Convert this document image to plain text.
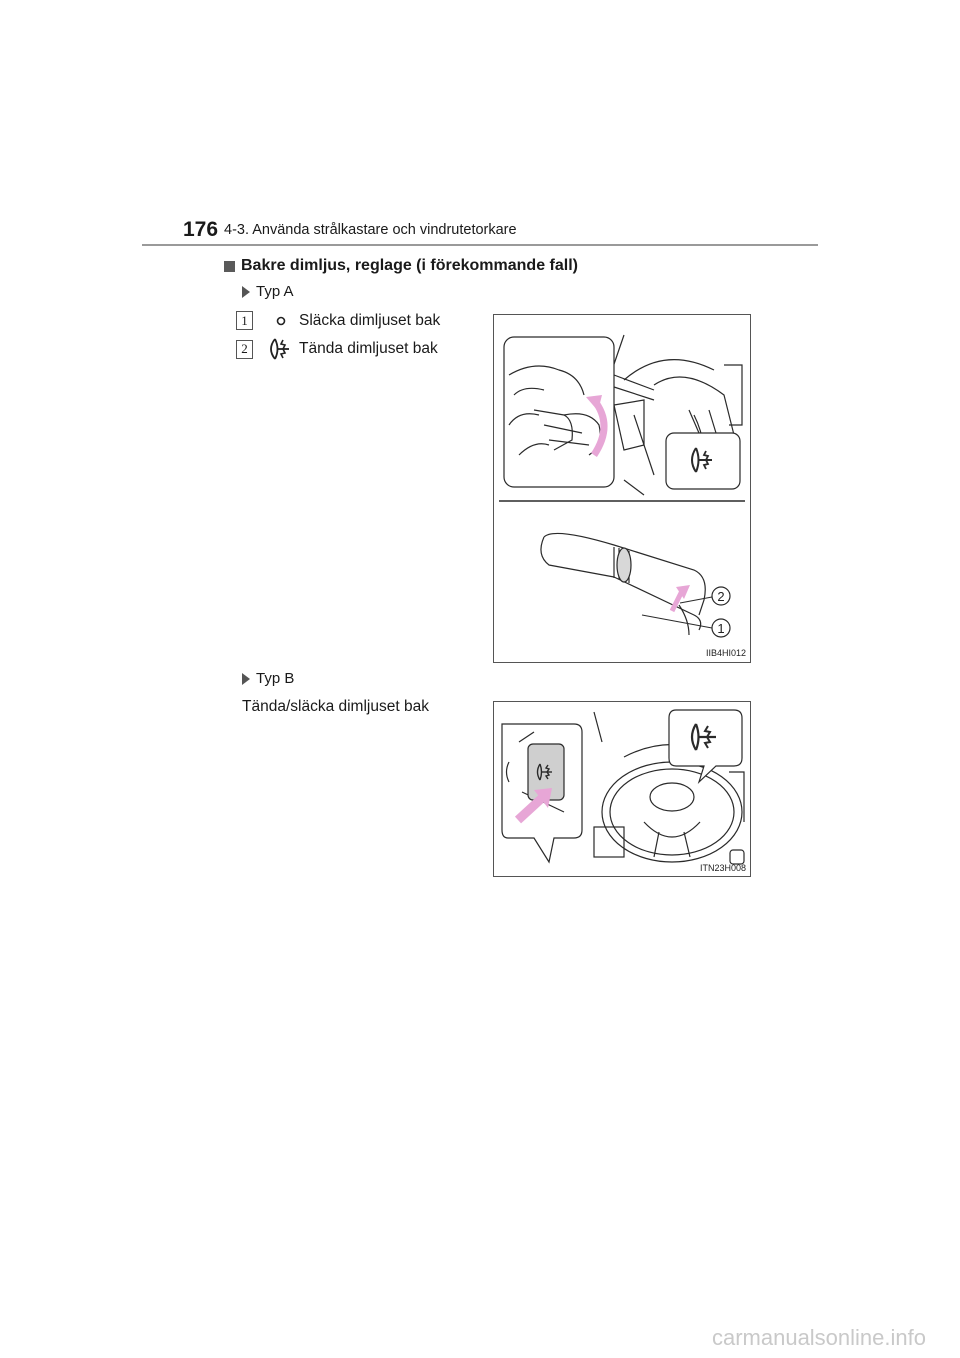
176 4-3. Använda strålkastare och vindrutetorkare
Bakre dimljus, reglage (i förekommande fall)
Typ A
1	Släcka dimljuset bak
2	Tända dimljuset bak
2
1
IIB4HI012
Typ B
Tända/släcka dimljuset bak
ITN23H008
carmanualsonline.info
